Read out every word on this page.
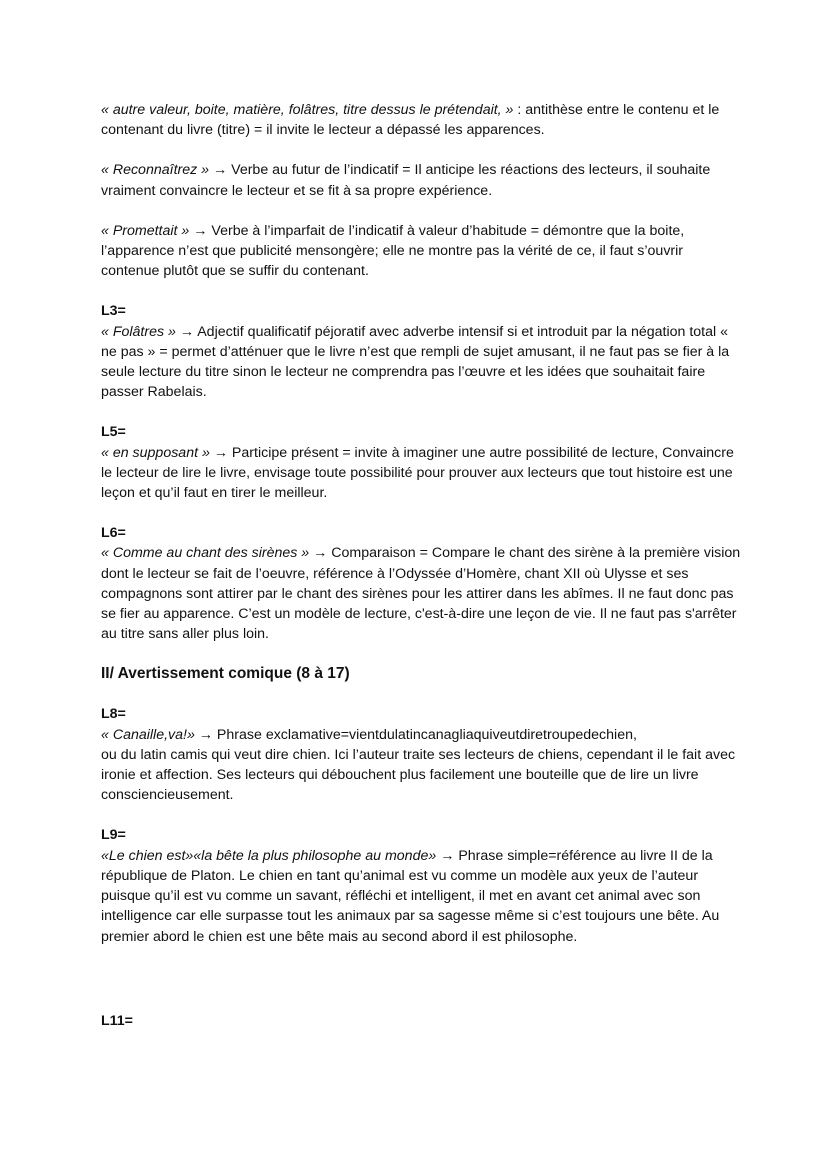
« autre valeur, boite, matière, folâtres, titre dessus le prétendait, » : antithèse entre le contenu et le contenant du livre (titre) = il invite le lecteur a dépassé les apparences.

« Reconnaîtrez » → Verbe au futur de l’indicatif = Il anticipe les réactions des lecteurs, il souhaite vraiment convaincre le lecteur et se fit à sa propre expérience.

« Promettait » → Verbe à l’imparfait de l’indicatif à valeur d’habitude = démontre que la boite, l’apparence n’est que publicité mensongère; elle ne montre pas la vérité de ce, il faut s’ouvrir contenue plutôt que se suffir du contenant.

L3=

« Folâtres » → Adjectif qualificatif péjoratif avec adverbe intensif si et introduit par la négation total « ne pas » = permet d’atténuer que le livre n’est que rempli de sujet amusant, il ne faut pas se fier à la seule lecture du titre sinon le lecteur ne comprendra pas l’œuvre et les idées que souhaitait faire passer Rabelais.

L5=

« en supposant » → Participe présent = invite à imaginer une autre possibilité de lecture, Convaincre le lecteur de lire le livre, envisage toute possibilité pour prouver aux lecteurs que tout histoire est une leçon et qu’il faut en tirer le meilleur.

L6=

« Comme au chant des sirènes » → Comparaison = Compare le chant des sirène à la première vision dont le lecteur se fait de l’oeuvre, référence à l’Odyssée d’Homère, chant XII où Ulysse et ses compagnons sont attirer par le chant des sirènes pour les attirer dans les abîmes. Il ne faut donc pas se fier au apparence. C’est un modèle de lecture, c'est-à-dire une leçon de vie. Il ne faut pas s'arrêter au titre sans aller plus loin.

II/ Avertissement comique (8 à 17)

L8=

« Canaille,va!» → Phrase exclamative=vientdulatincanagliaquiveutdiretroupedechien,

ou du latin camis qui veut dire chien. Ici l’auteur traite ses lecteurs de chiens, cependant il le fait avec ironie et affection. Ses lecteurs qui débouchent plus facilement une bouteille que de lire un livre consciencieusement.

L9=

«Le chien est»«la bête la plus philosophe au monde» → Phrase simple=référence au livre II de la république de Platon. Le chien en tant qu’animal est vu comme un modèle aux yeux de l’auteur puisque qu’il est vu comme un savant, réfléchi et intelligent, il met en avant cet animal avec son intelligence car elle surpasse tout les animaux par sa sagesse même si c’est toujours une bête. Au premier abord le chien est une bête mais au second abord il est philosophe.

L11=
